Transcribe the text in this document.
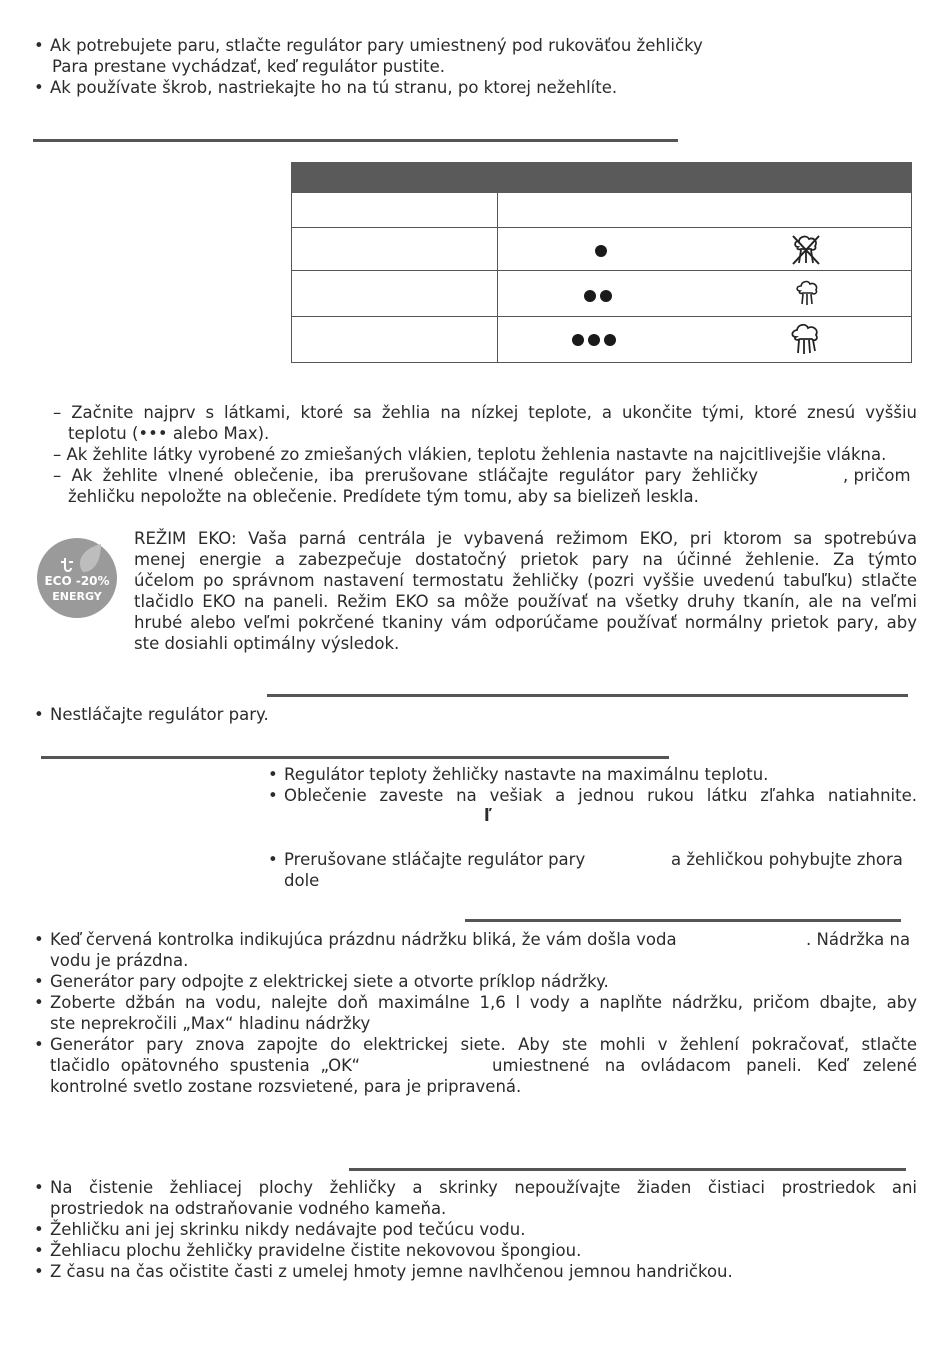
• Ak potrebujete paru, stlačte regulátor pary umiestnený pod rukoväťou žehličky
Para prestane vychádzať, keď regulátor pustite.
• Ak používate škrob, nastriekajte ho na tú stranu, po ktorej nežehlíte.

– Začnite najprv s látkami, ktoré sa žehlia na nízkej teplote, a ukončite tými, ktoré znesú vyššiu
teplotu (••• alebo Max).
– Ak žehlite látky vyrobené zo zmiešaných vlákien, teplotu žehlenia nastavte na najcitlivejšie vlákna.
– Ak žehlite vlnené oblečenie, iba prerušovane stláčajte regulátor pary žehličky	, pričom
žehličku nepoložte na oblečenie. Predídete tým tomu, aby sa bielizeň leskla.
ECO -20%
ENERGY
REŽIM EKO: Vaša parná centrála je vybavená režimom EKO, pri ktorom sa spotrebúva
menej energie a zabezpečuje dostatočný prietok pary na účinné žehlenie. Za týmto
účelom po správnom nastavení termostatu žehličky (pozri vyššie uvedenú tabuľku) stlačte
tlačidlo EKO na paneli. Režim EKO sa môže používať na všetky druhy tkanín, ale na veľmi
hrubé alebo veľmi pokrčené tkaniny vám odporúčame používať normálny prietok pary, aby
ste dosiahli optimálny výsledok.
• Nestláčajte regulátor pary.
• Regulátor teploty žehličky nastavte na maximálnu teplotu.
• Oblečenie zaveste na vešiak a jednou rukou látku zľahka natiahnite.
ľ
• Prerušovane stláčajte regulátor pary	a žehličkou pohybujte zhora
dole
• Keď červená kontrolka indikujúca prázdnu nádržku bliká, že vám došla voda	. Nádržka na
vodu je prázdna.
• Generátor pary odpojte z elektrickej siete a otvorte príklop nádržky.
• Zoberte džbán na vodu, nalejte doň maximálne 1,6 l vody a naplňte nádržku, pričom dbajte, aby
ste neprekročili „Max“ hladinu nádržky
• Generátor pary znova zapojte do elektrickej siete. Aby ste mohli v žehlení pokračovať, stlačte
tlačidlo opätovného spustenia „OK“	umiestnené na ovládacom paneli. Keď zelené
kontrolné svetlo zostane rozsvietené, para je pripravená.
• Na čistenie žehliacej plochy žehličky a skrinky nepoužívajte žiaden čistiaci prostriedok ani
prostriedok na odstraňovanie vodného kameňa.
• Žehličku ani jej skrinku nikdy nedávajte pod tečúcu vodu.
• Žehliacu plochu žehličky pravidelne čistite nekovovou špongiou.
• Z času na čas očistite časti z umelej hmoty jemne navlhčenou jemnou handričkou.
